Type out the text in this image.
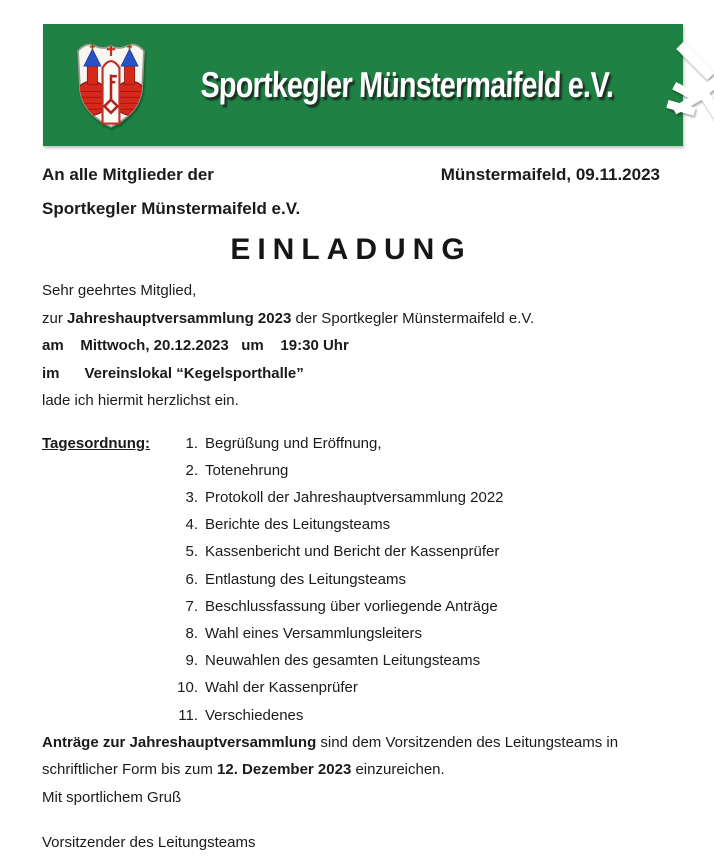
Sportkegler Münstermaifeld e.V.
An alle Mitglieder der	Münstermaifeld, 09.11.2023
Sportkegler Münstermaifeld e.V.
EINLADUNG
Sehr geehrtes Mitglied,
zur Jahreshauptversammlung 2023 der Sportkegler Münstermaifeld e.V.
am    Mittwoch, 20.12.2023   um    19:30 Uhr
im      Vereinslokal “Kegelsporthalle”
lade ich hiermit herzlichst ein.
Tagesordnung:	1. Begrüßung und Eröffnung,
2. Totenehrung
3. Protokoll der Jahreshauptversammlung 2022
4. Berichte des Leitungsteams
5. Kassenbericht und Bericht der Kassenprüfer
6. Entlastung des Leitungsteams
7. Beschlussfassung über vorliegende Anträge
8. Wahl eines Versammlungsleiters
9. Neuwahlen des gesamten Leitungsteams
10. Wahl der Kassenprüfer
11. Verschiedenes
Anträge zur Jahreshauptversammlung sind dem Vorsitzenden des Leitungsteams in
schriftlicher Form bis zum 12. Dezember 2023 einzureichen.

Mit sportlichem Gruß

Vorsitzender des Leitungsteams
